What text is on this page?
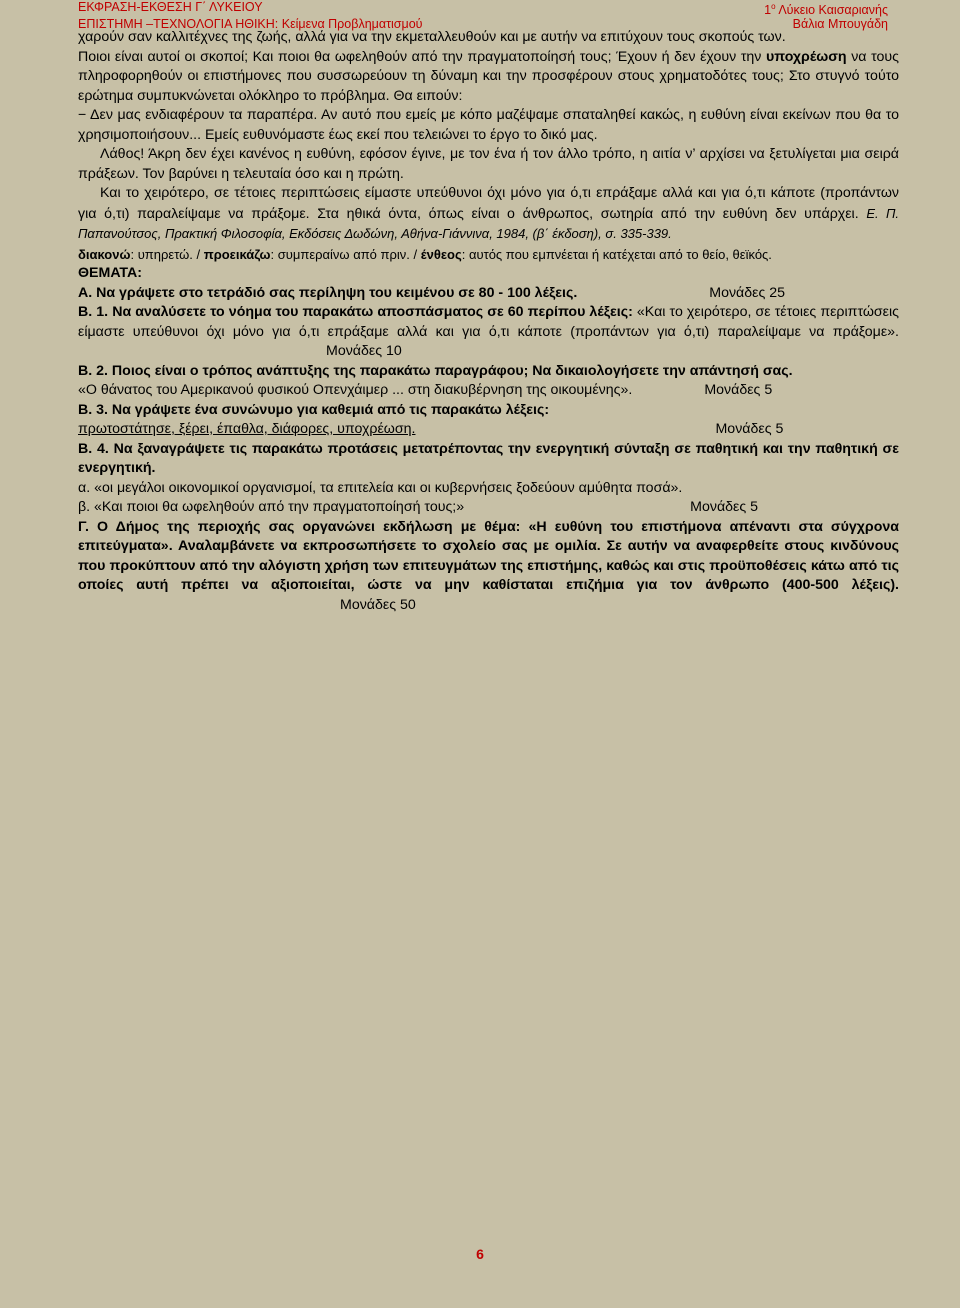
ΕΚΦΡΑΣΗ-ΕΚΘΕΣΗ Γ΄ ΛΥΚΕΙΟΥ	$1^o$ Λύκειο Καισαριανής
ΕΠΙΣΤΗΜΗ –ΤΕΧΝΟΛΟΓΙΑ ΗΘΙΚΗ: Κείμενα Προβληματισμού	Βάλια Μπουγάδη

χαρούν σαν καλλιτέχνες της ζωής, αλλά για να την εκμεταλλευθούν και με αυτήν να επιτύχουν τους σκοπούς των.

Ποιοι είναι αυτοί οι σκοποί; Και ποιοι θα ωφεληθούν από την πραγματοποίησή τους; Έχουν ή δεν έχουν την υποχρέωση να τους πληροφορηθούν οι επιστήμονες που συσσωρεύουν τη δύναμη και την προσφέρουν στους χρηματοδότες τους; Στο στυγνό τούτο ερώτημα συμπυκνώνεται ολόκληρο το πρόβλημα. Θα ειπούν:

− Δεν μας ενδιαφέρουν τα παραπέρα. Αν αυτό που εμείς με κόπο μαζέψαμε σπαταληθεί κακώς, η ευθύνη είναι εκείνων που θα το χρησιμοποιήσουν... Εμείς ευθυνόμαστε έως εκεί που τελειώνει το έργο το δικό μας.

Λάθος! Άκρη δεν έχει κανένος η ευθύνη, εφόσον έγινε, με τον ένα ή τον άλλο τρόπο, η αιτία ν’ αρχίσει να ξετυλίγεται μια σειρά πράξεων. Τον βαρύνει η τελευταία όσο και η πρώτη.

Και το χειρότερο, σε τέτοιες περιπτώσεις είμαστε υπεύθυνοι όχι μόνο για ό,τι επράξαμε αλλά και για ό,τι κάποτε (προπάντων για ό,τι) παραλείψαμε να πράξομε. Στα ηθικά όντα, όπως είναι ο άνθρωπος, σωτηρία από την ευθύνη δεν υπάρχει. Ε. Π. Παπανούτσος, Πρακτική Φιλοσοφία, Εκδόσεις Δωδώνη, Αθήνα-Γιάννινα, 1984, (β΄ έκδοση), σ. 335-339.

διακονώ: υπηρετώ. / προεικάζω: συμπεραίνω από πριν. / ένθεος: αυτός που εμπνέεται ή κατέχεται από το θείο, θεϊκός.

ΘΕΜΑΤΑ:

Α. Να γράψετε στο τετράδιό σας περίληψη του κειμένου σε 80 - 100 λέξεις.	Μονάδες 25

Β. 1. Να αναλύσετε το νόημα του παρακάτω αποσπάσματος σε 60 περίπου λέξεις: «Και το χειρότερο, σε τέτοιες περιπτώσεις είμαστε υπεύθυνοι όχι μόνο για ό,τι επράξαμε αλλά και για ό,τι κάποτε (προπάντων για ό,τι) παραλείψαμε να πράξομε».Μονάδες 10

Β. 2. Ποιος είναι ο τρόπος ανάπτυξης της παρακάτω παραγράφου; Να δικαιολογήσετε την απάντησή σας.

«Ο θάνατος του Αμερικανού φυσικού Οπενχάιμερ ... στη διακυβέρνηση της οικουμένης».	Μονάδες 5

Β. 3. Να γράψετε ένα συνώνυμο για καθεμιά από τις παρακάτω λέξεις:

πρωτοστάτησε, ξέρει, έπαθλα, διάφορες, υποχρέωση.	Μονάδες 5

Β. 4. Να ξαναγράψετε τις παρακάτω προτάσεις μετατρέποντας την ενεργητική σύνταξη σε παθητική και την παθητική σε ενεργητική.

α. «οι μεγάλοι οικονομικοί οργανισμοί, τα επιτελεία και οι κυβερνήσεις ξοδεύουν αμύθητα ποσά».

β. «Και ποιοι θα ωφεληθούν από την πραγματοποίησή τους;»	Μονάδες 5

Γ. Ο Δήμος της περιοχής σας οργανώνει εκδήλωση με θέμα: «Η ευθύνη του επιστήμονα απέναντι στα σύγχρονα επιτεύγματα». Αναλαμβάνετε να εκπροσωπήσετε το σχολείο σας με ομιλία. Σε αυτήν να αναφερθείτε στους κινδύνους που προκύπτουν από την αλόγιστη χρήση των επιτευγμάτων της επιστήμης, καθώς και στις προϋποθέσεις κάτω από τις οποίες αυτή πρέπει να αξιοποιείται, ώστε να μην καθίσταται επιζήμια για τον άνθρωπο (400-500 λέξεις).Μονάδες 50

6
